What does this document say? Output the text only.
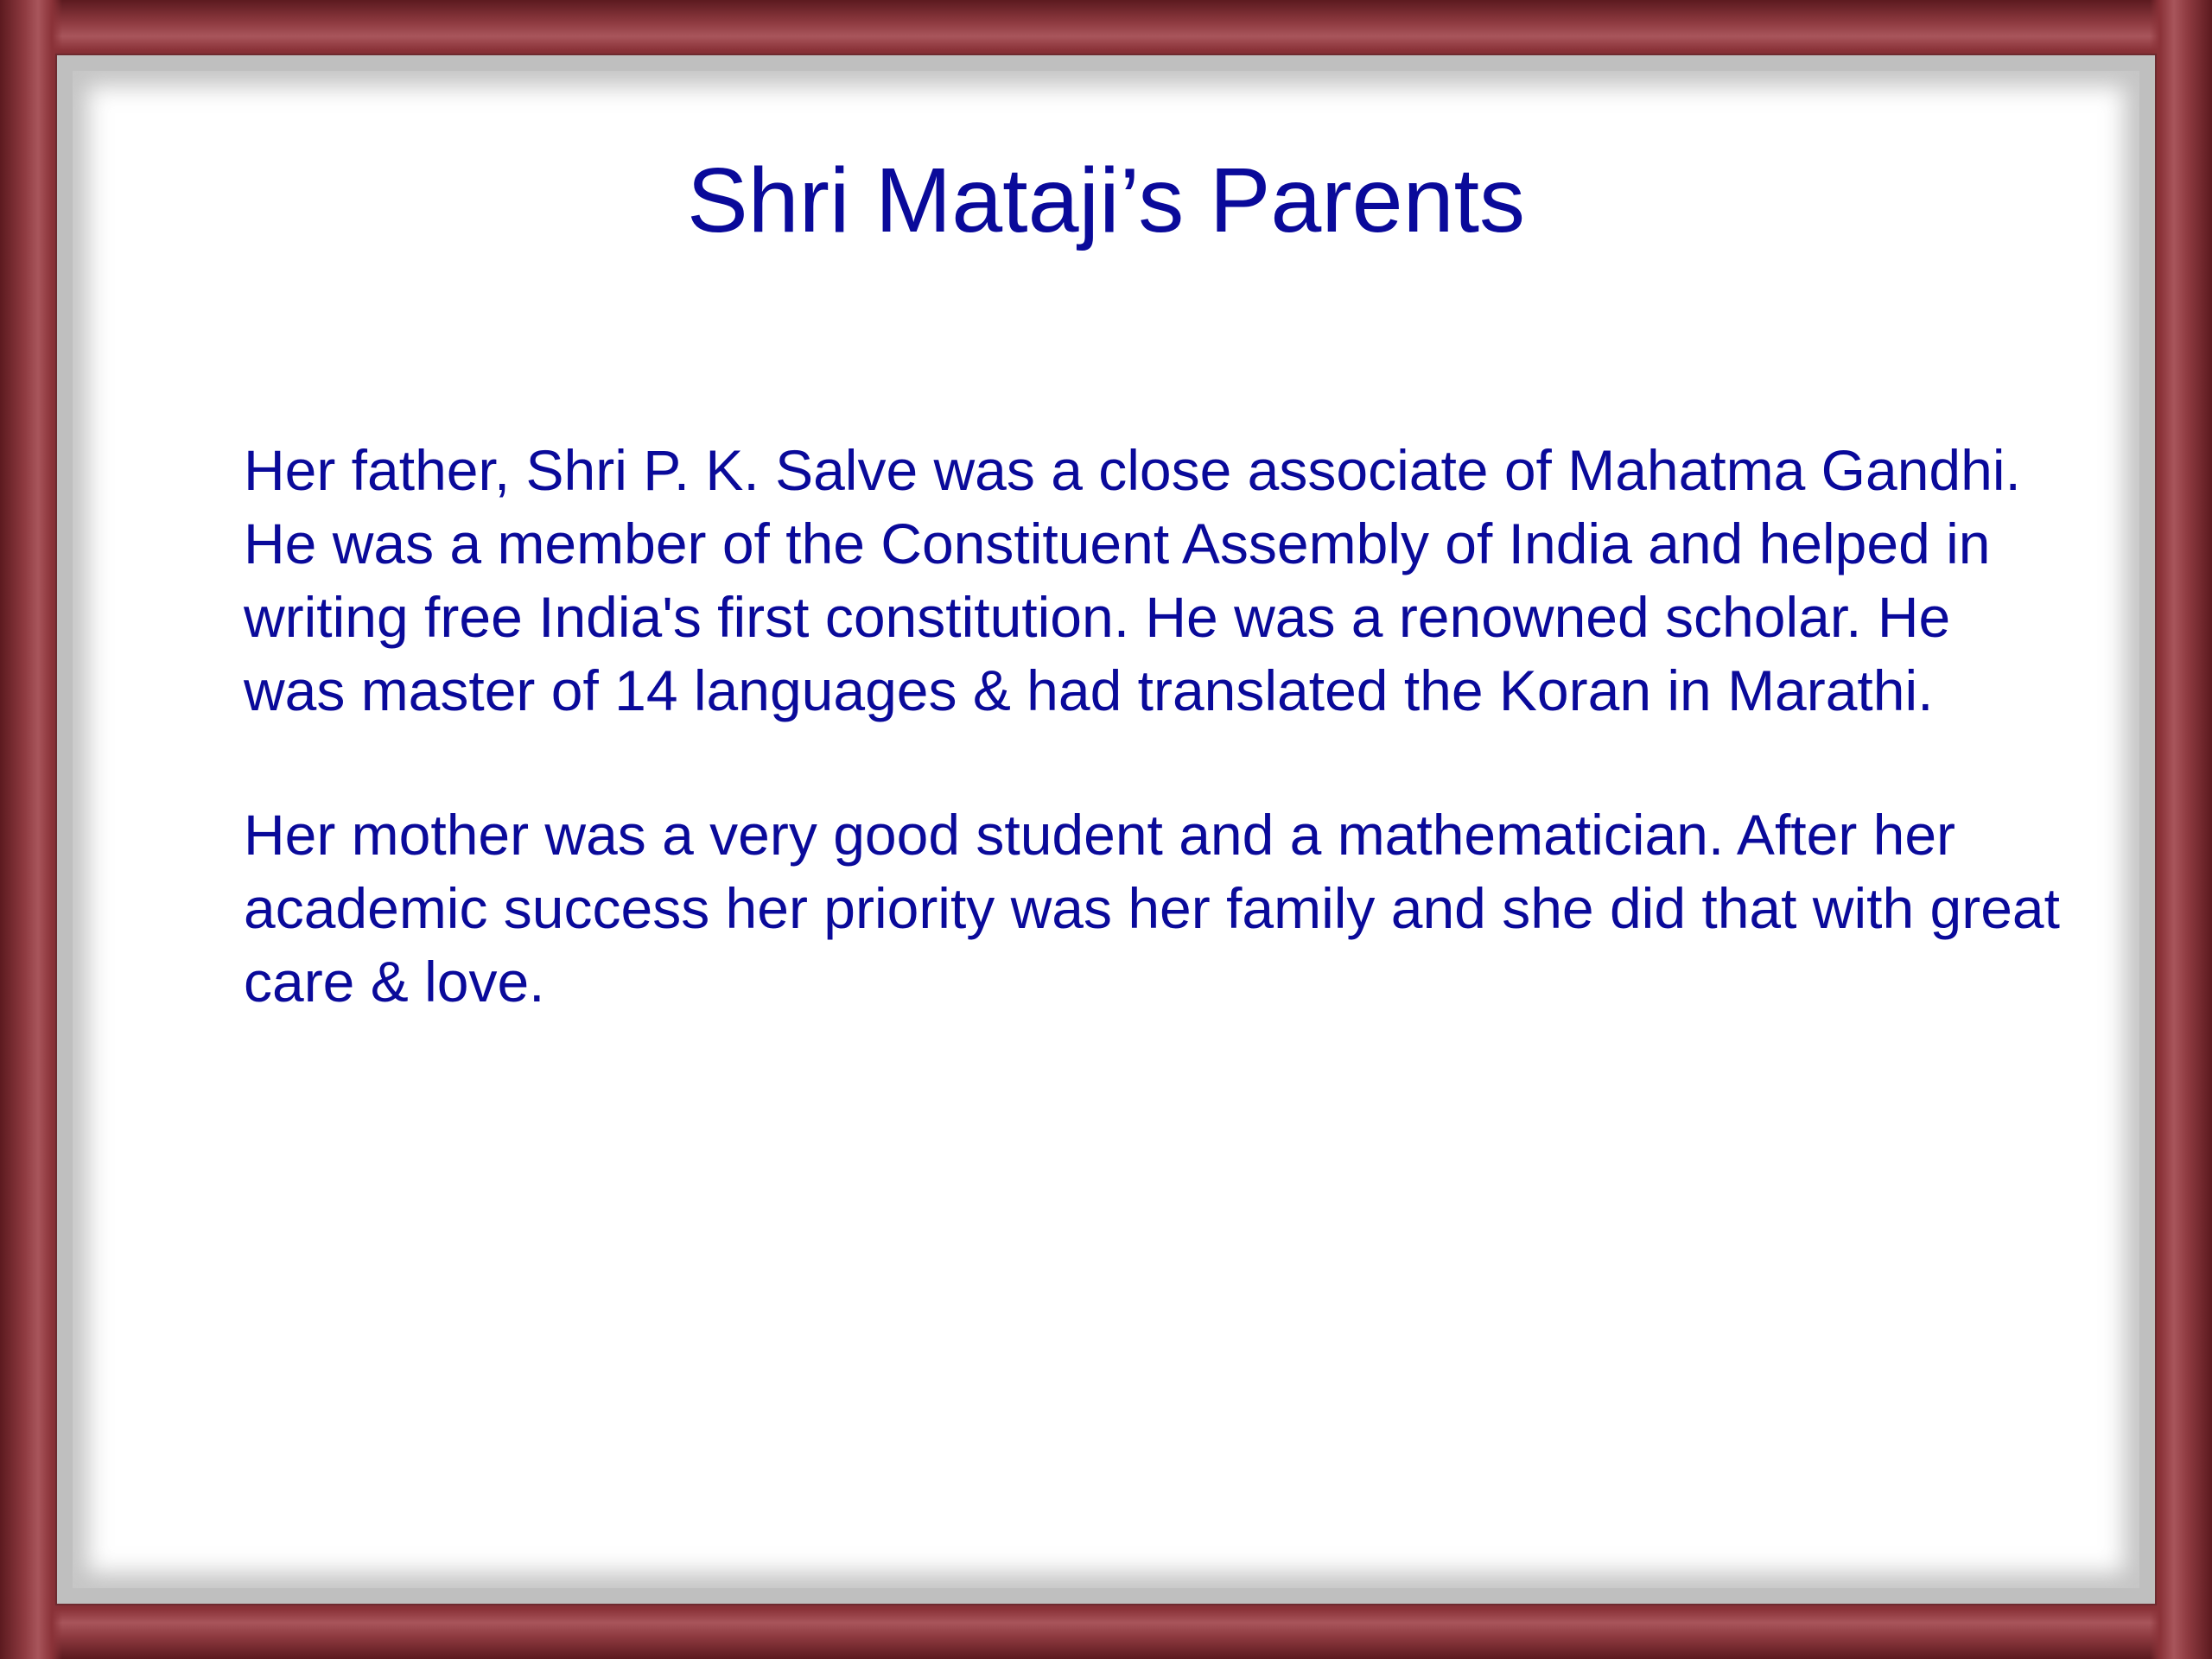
Shri Mataji’s Parents

Her father, Shri P. K. Salve was a close associate of Mahatma Gandhi. He was a member of the Constituent Assembly of India and helped in writing free India's first constitution. He was a renowned scholar. He was master of 14 languages & had translated the Koran in Marathi.

Her mother was a very good student and a mathematician. After her academic success her priority was her family and she did that with great care & love.
